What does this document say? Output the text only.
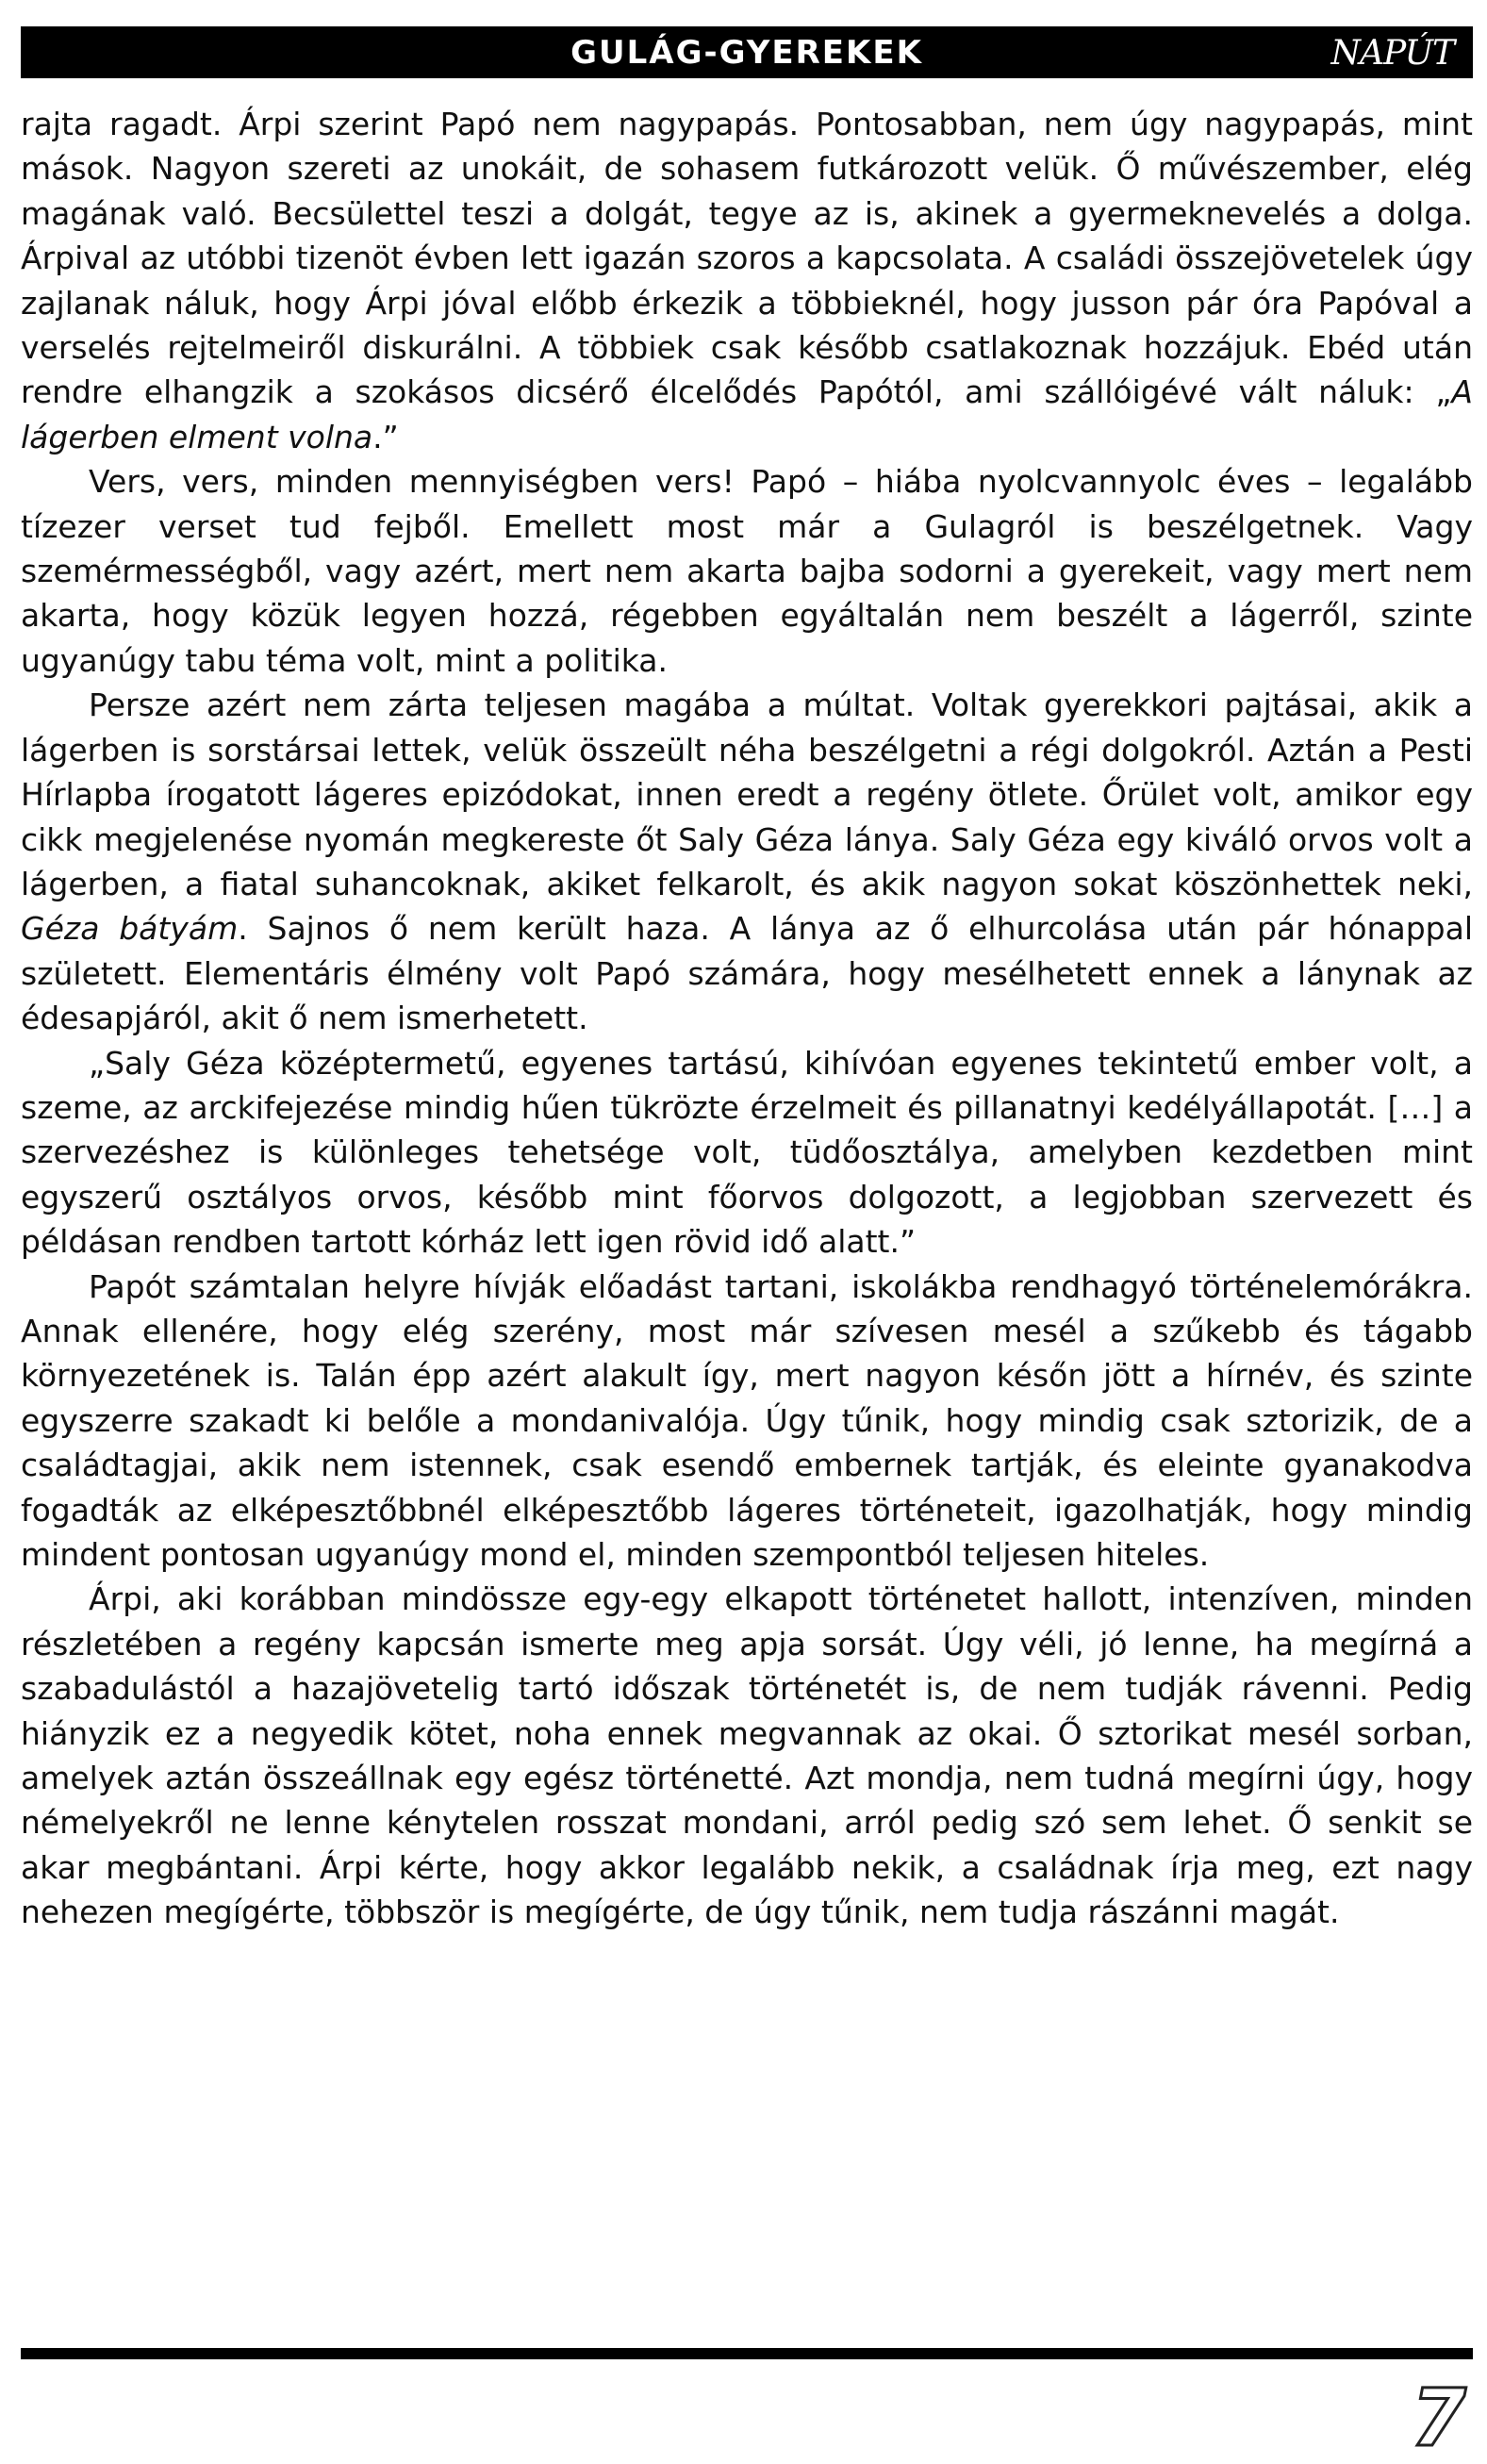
GULÁG-GYEREKEK	NAPÚT

rajta ragadt. Árpi szerint Papó nem nagypapás. Pontosabban, nem úgy nagypapás, mint mások. Nagyon szereti az unokáit, de sohasem futkározott velük. Ő művészember, elég magának való. Becsülettel teszi a dolgát, tegye az is, akinek a gyermeknevelés a dolga. Árpival az utóbbi tizenöt évben lett igazán szoros a kapcsolata. A családi összejövetelek úgy zajlanak náluk, hogy Árpi jóval előbb érkezik a többieknél, hogy jusson pár óra Papóval a verselés rejtelmeiről diskurálni. A többiek csak később csatlakoznak hozzájuk. Ebéd után rendre elhangzik a szokásos dicsérő élcelődés Papótól, ami szállóigévé vált náluk: „A lágerben elment volna.”

Vers, vers, minden mennyiségben vers! Papó – hiába nyolcvannyolc éves – legalább tízezer verset tud fejből. Emellett most már a Gulagról is beszélgetnek. Vagy szemérmességből, vagy azért, mert nem akarta bajba sodorni a gyerekeit, vagy mert nem akarta, hogy közük legyen hozzá, régebben egyáltalán nem beszélt a lágerről, szinte ugyanúgy tabu téma volt, mint a politika.

Persze azért nem zárta teljesen magába a múltat. Voltak gyerekkori pajtásai, akik a lágerben is sorstársai lettek, velük összeült néha beszélgetni a régi dolgokról. Aztán a Pesti Hírlapba írogatott lágeres epizódokat, innen eredt a regény ötlete. Őrület volt, amikor egy cikk megjelenése nyomán megkereste őt Saly Géza lánya. Saly Géza egy kiváló orvos volt a lágerben, a fiatal suhancoknak, akiket felkarolt, és akik nagyon sokat köszönhettek neki, Géza bátyám. Sajnos ő nem került haza. A lánya az ő elhurcolása után pár hónappal született. Elementáris élmény volt Papó számára, hogy mesélhetett ennek a lánynak az édesapjáról, akit ő nem ismerhetett.

„Saly Géza középtermetű, egyenes tartású, kihívóan egyenes tekintetű ember volt, a szeme, az arckifejezése mindig hűen tükrözte érzelmeit és pillanatnyi kedélyállapotát. […] a szervezéshez is különleges tehetsége volt, tüdőosztálya, amelyben kezdetben mint egyszerű osztályos orvos, később mint főorvos dolgozott, a legjobban szervezett és példásan rendben tartott kórház lett igen rövid idő alatt.”

Papót számtalan helyre hívják előadást tartani, iskolákba rendhagyó történelemórákra. Annak ellenére, hogy elég szerény, most már szívesen mesél a szűkebb és tágabb környezetének is. Talán épp azért alakult így, mert nagyon későn jött a hírnév, és szinte egyszerre szakadt ki belőle a mondanivalója. Úgy tűnik, hogy mindig csak sztorizik, de a családtagjai, akik nem istennek, csak esendő embernek tartják, és eleinte gyanakodva fogadták az elképesztőbbnél elképesztőbb lágeres történeteit, igazolhatják, hogy mindig mindent pontosan ugyanúgy mond el, minden szempontból teljesen hiteles.

Árpi, aki korábban mindössze egy-egy elkapott történetet hallott, intenzíven, minden részletében a regény kapcsán ismerte meg apja sorsát. Úgy véli, jó lenne, ha megírná a szabadulástól a hazajövetelig tartó időszak történetét is, de nem tudják rávenni. Pedig hiányzik ez a negyedik kötet, noha ennek megvannak az okai. Ő sztorikat mesél sorban, amelyek aztán összeállnak egy egész történetté. Azt mondja, nem tudná megírni úgy, hogy némelyekről ne lenne kénytelen rosszat mondani, arról pedig szó sem lehet. Ő senkit se akar megbántani. Árpi kérte, hogy akkor legalább nekik, a családnak írja meg, ezt nagy nehezen megígérte, többször is megígérte, de úgy tűnik, nem tudja rászánni magát.

7
